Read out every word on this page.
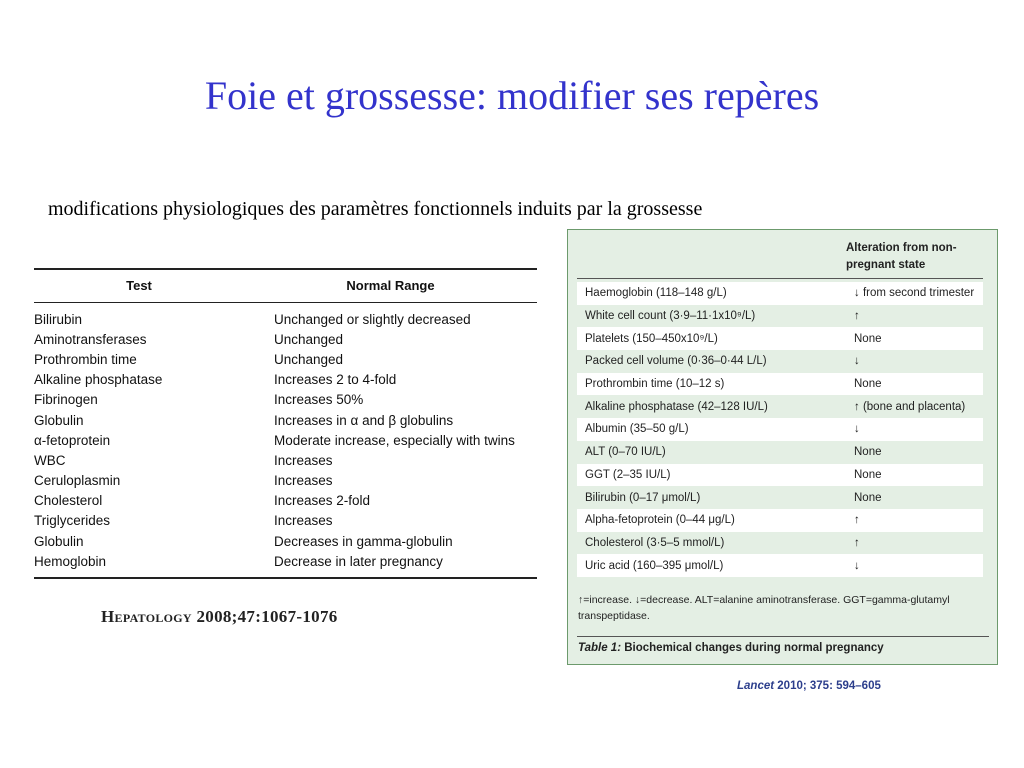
Foie et grossesse: modifier ses repères
modifications physiologiques des paramètres fonctionnels induits par la grossesse
Test	Normal Range
Bilirubin	Unchanged or slightly decreased
Aminotransferases	Unchanged
Prothrombin time	Unchanged
Alkaline phosphatase	Increases 2 to 4-fold
Fibrinogen	Increases 50%
Globulin	Increases in α and β globulins
α-fetoprotein	Moderate increase, especially with twins
WBC	Increases
Ceruloplasmin	Increases
Cholesterol	Increases 2-fold
Triglycerides	Increases
Globulin	Decreases in gamma-globulin
Hemoglobin	Decrease in later pregnancy
Hepatology 2008;47:1067-1076
Alteration from non-pregnant state
Haemoglobin (118–148 g/L)	↓ from second trimester
White cell count (3·9–11·1x10⁹/L)	↑
Platelets (150–450x10⁹/L)	None
Packed cell volume (0·36–0·44 L/L)	↓
Prothrombin time (10–12 s)	None
Alkaline phosphatase (42–128 IU/L)	↑ (bone and placenta)
Albumin (35–50 g/L)	↓
ALT (0–70 IU/L)	None
GGT (2–35 IU/L)	None
Bilirubin (0–17 μmol/L)	None
Alpha-fetoprotein (0–44 μg/L)	↑
Cholesterol (3·5–5 mmol/L)	↑
Uric acid (160–395 μmol/L)	↓
↑=increase. ↓=decrease. ALT=alanine aminotransferase. GGT=gamma-glutamyl transpeptidase.
Table 1: Biochemical changes during normal pregnancy
Lancet 2010; 375: 594–605
